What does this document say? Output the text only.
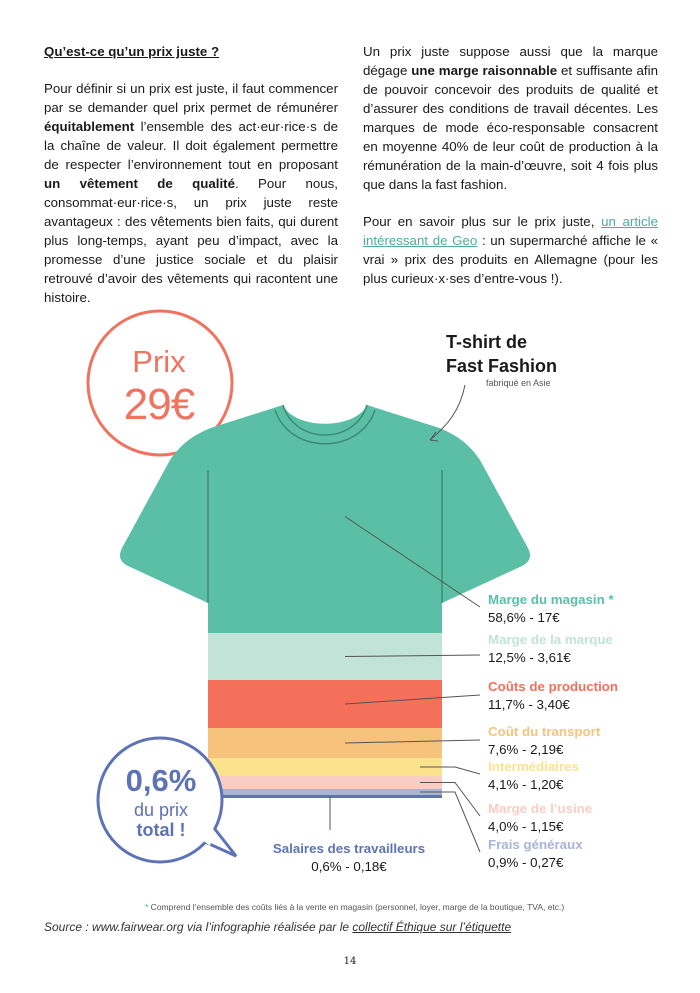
Qu’est-ce qu’un prix juste ?

Pour définir si un prix est juste, il faut commencer par se demander quel prix permet de rémunérer équitablement l’ensemble des act·eur·rice·s de la chaîne de valeur. Il doit également permettre de respecter l’environnement tout en proposant un vêtement de qualité. Pour nous, consommat·eur·rice·s, un prix juste reste avantageux : des vêtements bien faits, qui durent plus long-temps, ayant peu d’impact, avec la promesse d’une justice sociale et du plaisir retrouvé d’avoir des vêtements qui racontent une histoire.

Un prix juste suppose aussi que la marque dégage une marge raisonnable et suffisante afin de pouvoir concevoir des produits de qualité et d’assurer des conditions de travail décentes. Les marques de mode éco-responsable consacrent en moyenne 40% de leur coût de production à la rémunération de la main-d’œuvre, soit 4 fois plus que dans la fast fashion.

Pour en savoir plus sur le prix juste, un article intéressant de Geo : un supermarché affiche le « vrai » prix des produits en Allemagne (pour les plus curieux·x·ses d’entre-vous !).

T-shirt de
Fast Fashion
fabriqué en Asie
Prix
29€
0,6%
du prix
total !
Marge du magasin *
58,6% - 17€
Marge de la marque
12,5% - 3,61€
Coûts de production
11,7% - 3,40€
Coût du transport
7,6% - 2,19€
Intermédiaires
4,1% - 1,20€
Marge de l’usine
4,0% - 1,15€
Frais généraux
0,9% - 0,27€
Salaires des travailleurs
0,6% - 0,18€
* Comprend l’ensemble des coûts liés à la vente en magasin (personnel, loyer, marge de la boutique, TVA, etc.)
Source : www.fairwear.org via l’infographie réalisée par le collectif Éthique sur l’étiquette
14
